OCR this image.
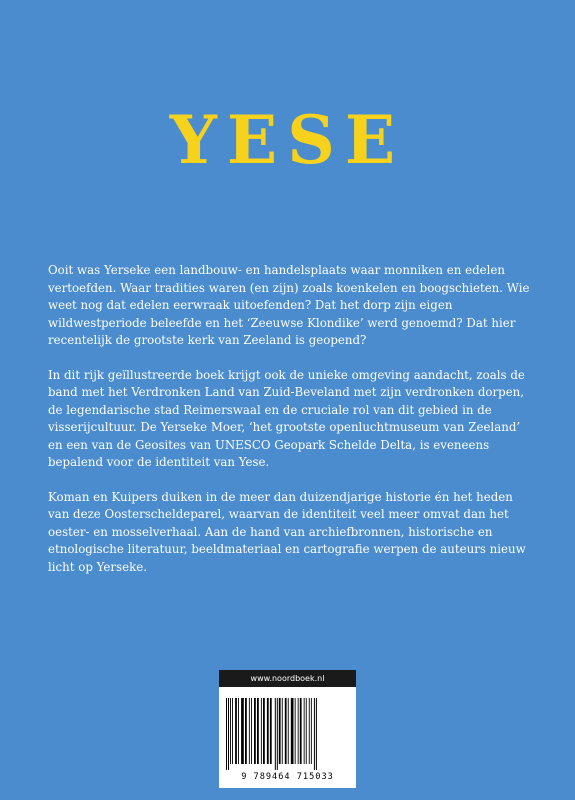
YESE

Ooit was Yerseke een landbouw- en handelsplaats waar monniken en edelen vertoefden. Waar tradities waren (en zijn) zoals koenkelen en boogschieten. Wie weet nog dat edelen eerwraak uitoefenden? Dat het dorp zijn eigen wildwestperiode beleefde en het ‘Zeeuwse Klondike’ werd genoemd? Dat hier recentelijk de grootste kerk van Zeeland is geopend?

In dit rijk geïllustreerde boek krijgt ook de unieke omgeving aandacht, zoals de band met het Verdronken Land van Zuid-Beveland met zijn verdronken dorpen, de legendarische stad Reimerswaal en de cruciale rol van dit gebied in de visserijcultuur. De Yerseke Moer, ‘het grootste openluchtmuseum van Zeeland’ en een van de Geosites van UNESCO Geopark Schelde Delta, is eveneens bepalend voor de identiteit van Yese.

Koman en Kuipers duiken in de meer dan duizendjarige historie én het heden van deze Oosterscheldeparel, waarvan de identiteit veel meer omvat dan het oester- en mosselverhaal. Aan de hand van archiefbronnen, historische en etnologische literatuur, beeldmateriaal en cartografie werpen de auteurs nieuw licht op Yerseke.

www.noordboek.nl
9 789464 715033
